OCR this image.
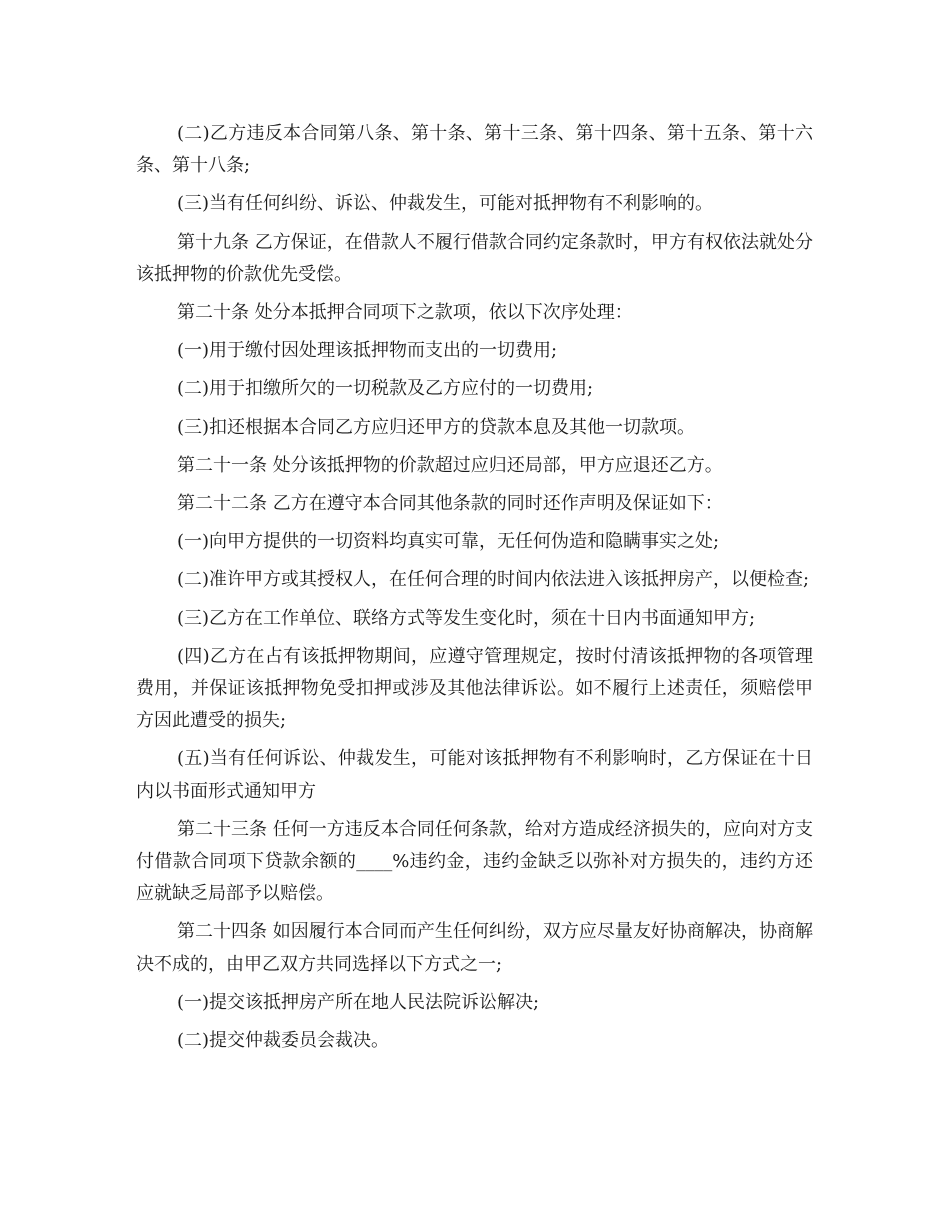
(二)乙方违反本合同第八条、第十条、第十三条、第十四条、第十五条、第十六条、第十八条;

(三)当有任何纠纷、诉讼、仲裁发生，可能对抵押物有不利影响的。

第十九条 乙方保证，在借款人不履行借款合同约定条款时，甲方有权依法就处分该抵押物的价款优先受偿。

第二十条 处分本抵押合同项下之款项，依以下次序处理：

(一)用于缴付因处理该抵押物而支出的一切费用;

(二)用于扣缴所欠的一切税款及乙方应付的一切费用;

(三)扣还根据本合同乙方应归还甲方的贷款本息及其他一切款项。

第二十一条 处分该抵押物的价款超过应归还局部，甲方应退还乙方。

第二十二条 乙方在遵守本合同其他条款的同时还作声明及保证如下：

(一)向甲方提供的一切资料均真实可靠，无任何伪造和隐瞒事实之处;

(二)准许甲方或其授权人，在任何合理的时间内依法进入该抵押房产，以便检查;

(三)乙方在工作单位、联络方式等发生变化时，须在十日内书面通知甲方;

(四)乙方在占有该抵押物期间，应遵守管理规定，按时付清该抵押物的各项管理费用，并保证该抵押物免受扣押或涉及其他法律诉讼。如不履行上述责任，须赔偿甲方因此遭受的损失;

(五)当有任何诉讼、仲裁发生，可能对该抵押物有不利影响时，乙方保证在十日内以书面形式通知甲方

第二十三条 任何一方违反本合同任何条款，给对方造成经济损失的，应向对方支付借款合同项下贷款余额的____%违约金，违约金缺乏以弥补对方损失的，违约方还应就缺乏局部予以赔偿。

第二十四条 如因履行本合同而产生任何纠纷，双方应尽量友好协商解决，协商解决不成的，由甲乙双方共同选择以下方式之一;

(一)提交该抵押房产所在地人民法院诉讼解决;

(二)提交仲裁委员会裁决。
